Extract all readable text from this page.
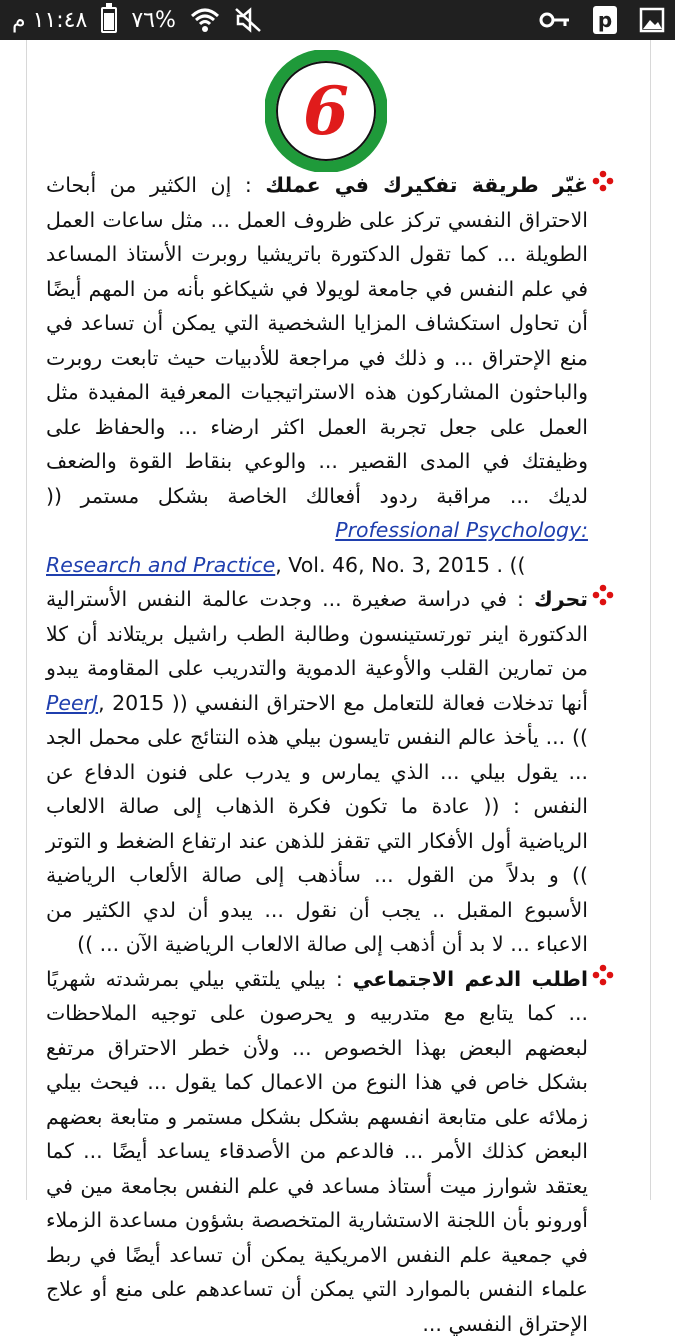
١١:٤٨ م ٧٦%	p
6

غيّر طريقة تفكيرك في عملك : إن الكثير من أبحاث الاحتراق النفسي تركز على ظروف العمل ... مثل ساعات العمل الطويلة ... كما تقول الدكتورة باتريشيا روبرت الأستاذ المساعد في علم النفس في جامعة لويولا في شيكاغو بأنه من المهم أيضًا أن تحاول استكشاف المزايا الشخصية التي يمكن أن تساعد في منع الإحتراق ... و ذلك في مراجعة للأدبيات حيث تابعت روبرت والباحثون المشاركون هذه الاستراتيجيات المعرفية المفيدة مثل العمل على جعل تجربة العمل اكثر ارضاء ... والحفاظ على وظيفتك في المدى القصير ... والوعي بنقاط القوة والضعف لديك ... مراقبة ردود أفعالك الخاصة بشكل مستمر (( Professional Psychology:
Research and Practice, Vol. 46, No. 3, 2015 . ((

تحرك : في دراسة صغيرة ... وجدت عالمة النفس الأسترالية الدكتورة اينر تورتستينسون وطالبة الطب راشيل بريتلاند أن كلا من تمارين القلب والأوعية الدموية والتدريب على المقاومة يبدو أنها تدخلات فعالة للتعامل مع الاحتراق النفسي (( PeerJ, 2015 )) ... يأخذ عالم النفس تايسون بيلي هذه النتائج على محمل الجد ... يقول بيلي ... الذي يمارس و يدرب على فنون الدفاع عن النفس : (( عادة ما تكون فكرة الذهاب إلى صالة الالعاب الرياضية أول الأفكار التي تقفز للذهن عند ارتفاع الضغط و التوتر )) و بدلاً من القول ... سأذهب إلى صالة الألعاب الرياضية الأسبوع المقبل .. يجب أن نقول ... يبدو أن لدي الكثير من الاعباء ... لا بد أن أذهب إلى صالة الالعاب الرياضية الآن ... ))

اطلب الدعم الاجتماعي : بيلي يلتقي بيلي بمرشدته شهريًا ... كما يتابع مع متدربيه و يحرصون على توجيه الملاحظات لبعضهم البعض بهذا الخصوص ... ولأن خطر الاحتراق مرتفع بشكل خاص في هذا النوع من الاعمال كما يقول ... فيحث بيلي زملائه على متابعة انفسهم بشكل بشكل مستمر و متابعة بعضهم البعض كذلك الأمر ... فالدعم من الأصدقاء يساعد أيضًا ... كما يعتقد شوارز ميت أستاذ مساعد في علم النفس بجامعة مين في أورونو بأن اللجنة الاستشارية المتخصصة بشؤون مساعدة الزملاء في جمعية علم النفس الامريكية يمكن أن تساعد أيضًا في ربط علماء النفس بالموارد التي يمكن أن تساعدهم على منع أو علاج الإحتراق النفسي ...
